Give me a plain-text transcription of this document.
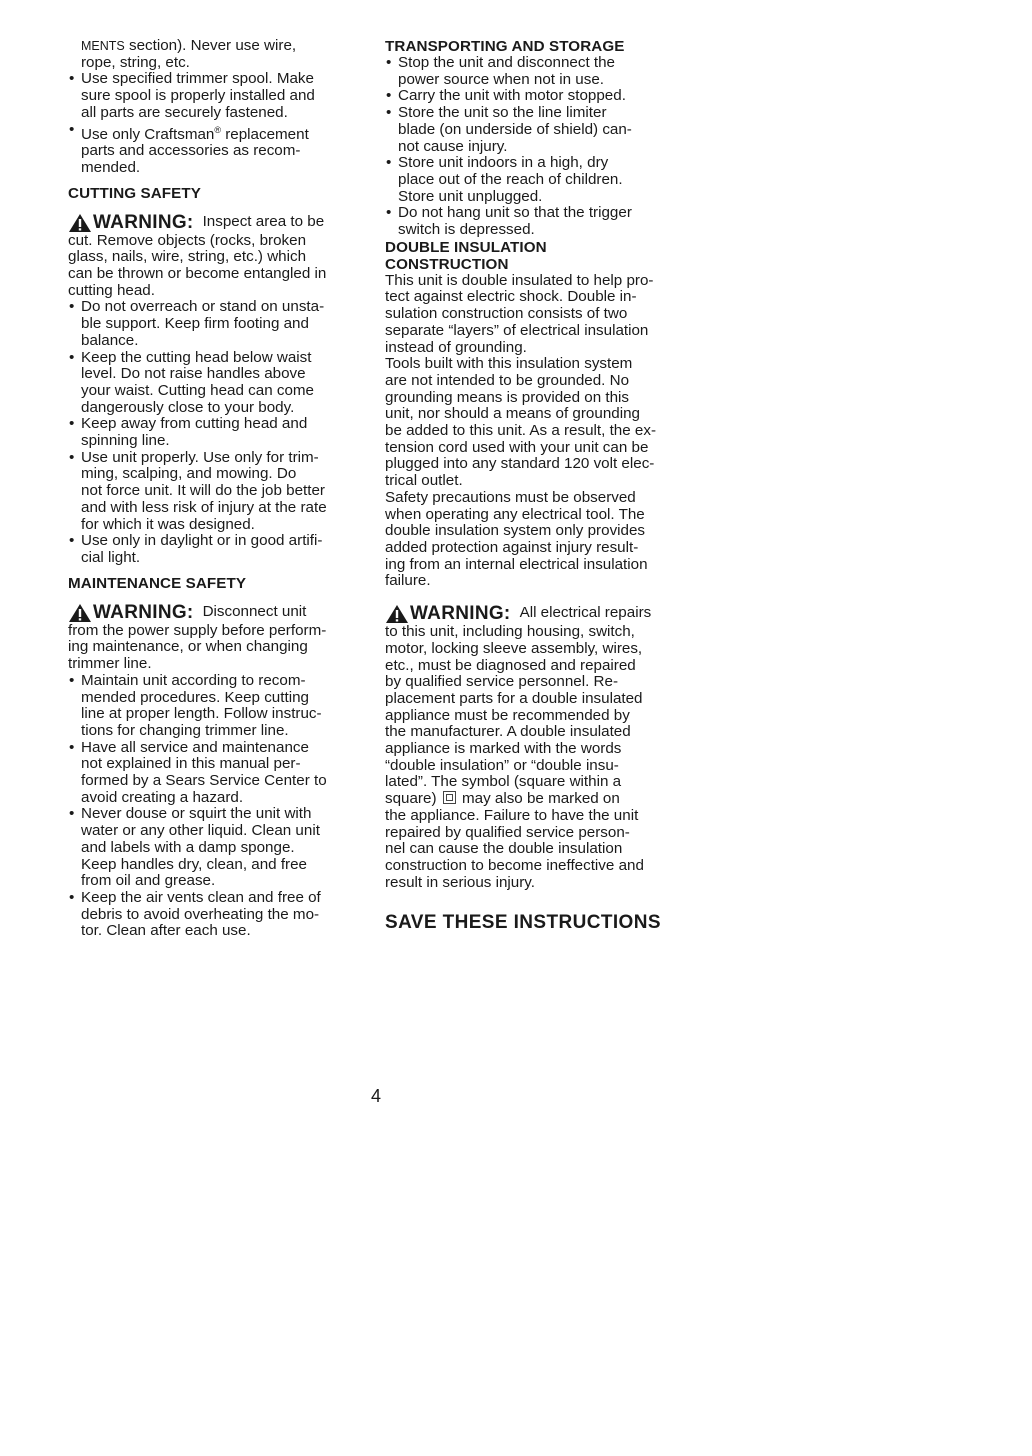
MENTS section). Never use wire,
rope, string, etc.
• Use specified trimmer spool. Make
sure spool is properly installed and
all parts are securely fastened.
• Use only Craftsman® replacement
parts and accessories as recom-
mended.
CUTTING SAFETY
WARNING: Inspect area to be
cut. Remove objects (rocks, broken
glass, nails, wire, string, etc.) which
can be thrown or become entangled in
cutting head.
• Do not overreach or stand on unsta-
ble support. Keep firm footing and
balance.
• Keep the cutting head below waist
level. Do not raise handles above
your waist. Cutting head can come
dangerously close to your body.
• Keep away from cutting head and
spinning line.
• Use unit properly. Use only for trim-
ming, scalping, and mowing. Do
not force unit. It will do the job better
and with less risk of injury at the rate
for which it was designed.
• Use only in daylight or in good artifi-
cial light.
MAINTENANCE SAFETY
WARNING: Disconnect unit
from the power supply before perform-
ing maintenance, or when changing
trimmer line.
• Maintain unit according to recom-
mended procedures. Keep cutting
line at proper length. Follow instruc-
tions for changing trimmer line.
• Have all service and maintenance
not explained in this manual per-
formed by a Sears Service Center to
avoid creating a hazard.
• Never douse or squirt the unit with
water or any other liquid. Clean unit
and labels with a damp sponge.
Keep handles dry, clean, and free
from oil and grease.
• Keep the air vents clean and free of
debris to avoid overheating the mo-
tor. Clean after each use.
TRANSPORTING AND STORAGE
• Stop the unit and disconnect the
power source when not in use.
• Carry the unit with motor stopped.
• Store the unit so the line limiter
blade (on underside of shield) can-
not cause injury.
• Store unit indoors in a high, dry
place out of the reach of children.
Store unit unplugged.
• Do not hang unit so that the trigger
switch is depressed.
DOUBLE INSULATION
CONSTRUCTION
This unit is double insulated to help pro-
tect against electric shock. Double in-
sulation construction consists of two
separate “layers” of electrical insulation
instead of grounding.
Tools built with this insulation system
are not intended to be grounded. No
grounding means is provided on this
unit, nor should a means of grounding
be added to this unit. As a result, the ex-
tension cord used with your unit can be
plugged into any standard 120 volt elec-
trical outlet.
Safety precautions must be observed
when operating any electrical tool. The
double insulation system only provides
added protection against injury result-
ing from an internal electrical insulation
failure.
WARNING: All electrical repairs
to this unit, including housing, switch,
motor, locking sleeve assembly, wires,
etc., must be diagnosed and repaired
by qualified service personnel. Re-
placement parts for a double insulated
appliance must be recommended by
the manufacturer. A double insulated
appliance is marked with the words
“double insulation” or “double insu-
lated”. The symbol (square within a
square) may also be marked on
the appliance. Failure to have the unit
repaired by qualified service person-
nel can cause the double insulation
construction to become ineffective and
result in serious injury.
SAVE THESE INSTRUCTIONS
4
